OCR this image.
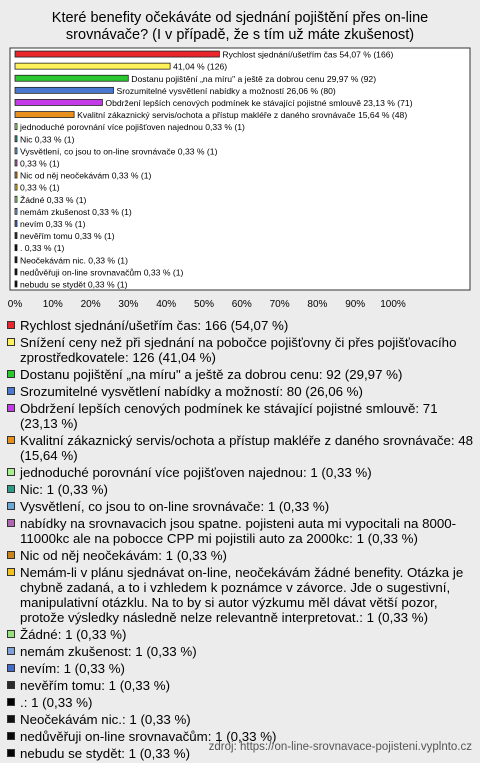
Které benefity očekáváte od sjednání pojištění přes on-line
srovnávače? (I v případě, že s tím už máte zkušenost)
Rychlost sjednání/ušetřím čas 54,07 % (166)
41,04 % (126)
Dostanu pojištění „na míru" a ještě za dobrou cenu 29,97 % (92)
Srozumitelné vysvětlení nabídky a možností 26,06 % (80)
Obdržení lepších cenových podmínek ke stávající pojistné smlouvě 23,13 % (71)
Kvalitní zákaznický servis/ochota a přístup makléře z daného srovnávače 15,64 % (48)
jednoduché porovnání více pojišťoven najednou 0,33 % (1)
Nic 0,33 % (1)
Vysvětlení, co jsou to on-line srovnávače 0,33 % (1)
0,33 % (1)
Nic od něj neočekávám 0,33 % (1)
0,33 % (1)
Žádné 0,33 % (1)
nemám zkušenost 0,33 % (1)
nevím 0,33 % (1)
nevěřím tomu 0,33 % (1)
. 0,33 % (1)
Neočekávám nic. 0,33 % (1)
nedůvěřuji on-line srovnavačům 0,33 % (1)
nebudu se stydět 0,33 % (1)
0% 10% 20% 30% 40% 50% 60% 70% 80% 90% 100%
Rychlost sjednání/ušetřím čas: 166 (54,07 %)
Snížení ceny než při sjednání na pobočce pojišťovny či přes pojišťovacího zprostředkovatele: 126 (41,04 %)
Dostanu pojištění „na míru" a ještě za dobrou cenu: 92 (29,97 %)
Srozumitelné vysvětlení nabídky a možností: 80 (26,06 %)
Obdržení lepších cenových podmínek ke stávající pojistné smlouvě: 71 (23,13 %)
Kvalitní zákaznický servis/ochota a přístup makléře z daného srovnávače: 48 (15,64 %)
jednoduché porovnání více pojišťoven najednou: 1 (0,33 %)
Nic: 1 (0,33 %)
Vysvětlení, co jsou to on-line srovnávače: 1 (0,33 %)
nabídky na srovnavacich jsou spatne. pojisteni auta mi vypocitali na 8000-11000kc ale na pobocce CPP mi pojistili auto za 2000kc: 1 (0,33 %)
Nic od něj neočekávám: 1 (0,33 %)
Nemám-li v plánu sjednávat on-line, neočekávám žádné benefity. Otázka je chybně zadaná, a to i vzhledem k poznámce v závorce. Jde o sugestivní, manipulativní otázklu. Na to by si autor výzkumu měl dávat větší pozor, protože výsledky následně nelze relevantně interpretovat.: 1 (0,33 %)
Žádné: 1 (0,33 %)
nemám zkušenost: 1 (0,33 %)
nevím: 1 (0,33 %)
nevěřím tomu: 1 (0,33 %)
.: 1 (0,33 %)
Neočekávám nic.: 1 (0,33 %)
nedůvěřuji on-line srovnavačům: 1 (0,33 %)
nebudu se stydět: 1 (0,33 %)	zdroj: https://on-line-srovnavace-pojisteni.vyplnto.cz
